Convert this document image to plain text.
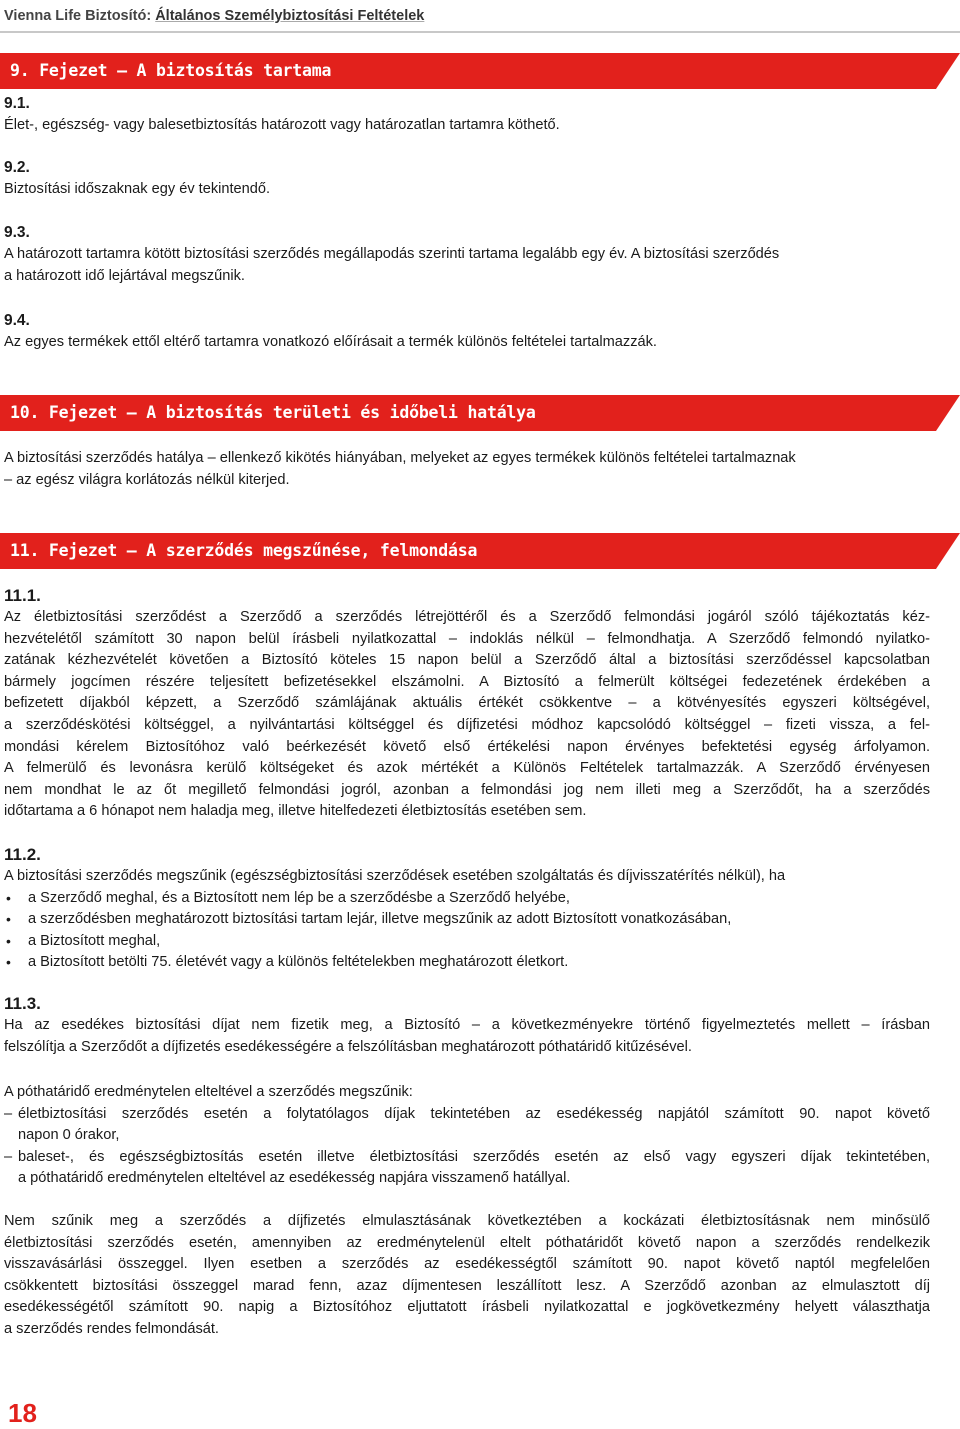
Vienna Life Biztosító: Általános Személybiztosítási Feltételek
9. Fejezet – A biztosítás tartama
9.1.
Élet-, egészség- vagy balesetbiztosítás határozott vagy határozatlan tartamra köthető.
9.2.
Biztosítási időszaknak egy év tekintendő.
9.3.
A határozott tartamra kötött biztosítási szerződés megállapodás szerinti tartama legalább egy év. A biztosítási szerződés
a határozott idő lejártával megszűnik.
9.4.
Az egyes termékek ettől eltérő tartamra vonatkozó előírásait a termék különös feltételei tartalmazzák.
10. Fejezet – A biztosítás területi és időbeli hatálya
A biztosítási szerződés hatálya – ellenkező kikötés hiányában, melyeket az egyes termékek különös feltételei tartalmaznak
– az egész világra korlátozás nélkül kiterjed.
11. Fejezet – A szerződés megszűnése, felmondása
11.1.
Az életbiztosítási szerződést a Szerződő a szerződés létrejöttéről és a Szerződő felmondási jogáról szóló tájékoztatás kéz-
hezvételétől számított 30 napon belül írásbeli nyilatkozattal – indoklás nélkül – felmondhatja. A Szerződő felmondó nyilatko-
zatának kézhezvételét követően a Biztosító köteles 15 napon belül a Szerződő által a biztosítási szerződéssel kapcsolatban
bármely jogcímen részére teljesített befizetésekkel elszámolni. A Biztosító a felmerült költségei fedezetének érdekében a
befizetett díjakból képzett, a Szerződő számlájának aktuális értékét csökkentve – a kötvényesítés egyszeri költségével,
a szerződéskötési költséggel, a nyilvántartási költséggel és díjfizetési módhoz kapcsolódó költséggel – fizeti vissza, a fel-
mondási kérelem Biztosítóhoz való beérkezését követő első értékelési napon érvényes befektetési egység árfolyamon.
A felmerülő és levonásra kerülő költségeket és azok mértékét a Különös Feltételek tartalmazzák. A Szerződő érvényesen
nem mondhat le az őt megillető felmondási jogról, azonban a felmondási jog nem illeti meg a Szerződőt, ha a szerződés
időtartama a 6 hónapot nem haladja meg, illetve hitelfedezeti életbiztosítás esetében sem.
11.2.
A biztosítási szerződés megszűnik (egészségbiztosítási szerződések esetében szolgáltatás és díjvisszatérítés nélkül), ha
• a Szerződő meghal, és a Biztosított nem lép be a szerződésbe a Szerződő helyébe,
• a szerződésben meghatározott biztosítási tartam lejár, illetve megszűnik az adott Biztosított vonatkozásában,
• a Biztosított meghal,
• a Biztosított betölti 75. életévét vagy a különös feltételekben meghatározott életkort.
11.3.
Ha az esedékes biztosítási díjat nem fizetik meg, a Biztosító – a következményekre történő figyelmeztetés mellett – írásban
felszólítja a Szerződőt a díjfizetés esedékességére a felszólításban meghatározott póthatáridő kitűzésével.
A póthatáridő eredménytelen elteltével a szerződés megszűnik:
– életbiztosítási szerződés esetén a folytatólagos díjak tekintetében az esedékesség napjától számított 90. napot követő
napon 0 órakor,
– baleset-, és egészségbiztosítás esetén illetve életbiztosítási szerződés esetén az első vagy egyszeri díjak tekintetében,
a póthatáridő eredménytelen elteltével az esedékesség napjára visszamenő hatállyal.
Nem szűnik meg a szerződés a díjfizetés elmulasztásának következtében a kockázati életbiztosításnak nem minősülő
életbiztosítási szerződés esetén, amennyiben az eredménytelenül eltelt póthatáridőt követő napon a szerződés rendelkezik
visszavásárlási összeggel. Ilyen esetben a szerződés az esedékességtől számított 90. napot követő naptól megfelelően
csökkentett biztosítási összeggel marad fenn, azaz díjmentesen leszállított lesz. A Szerződő azonban az elmulasztott díj
esedékességétől számított 90. napig a Biztosítóhoz eljuttatott írásbeli nyilatkozattal e jogkövetkezmény helyett választhatja
a szerződés rendes felmondását.
18
